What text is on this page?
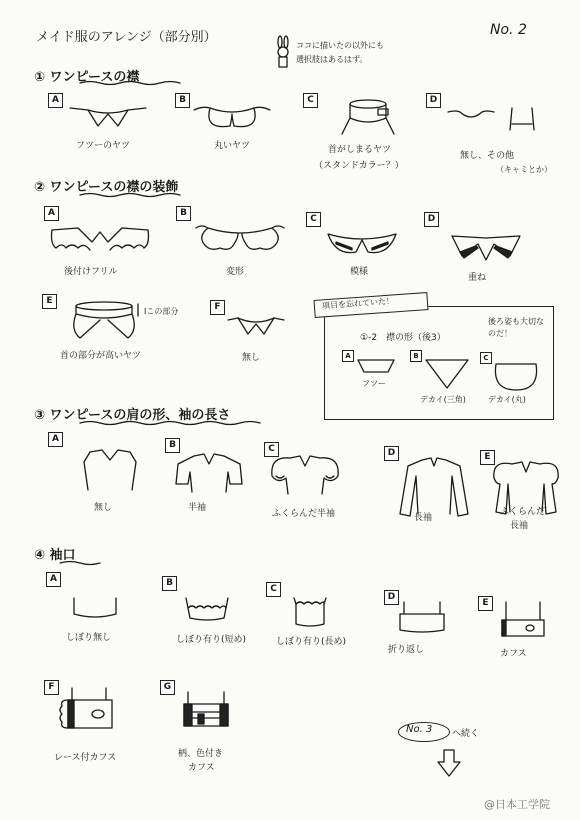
メイド服のアレンジ（部分別）	No. 2
ココに描いたの以外にも
選択肢はあるはず。
① ワンピースの襟
A
フツーのヤツ
B
丸いヤツ
C
首がしまるヤツ
（スタンドカラー？）
D
無し、その他
（キャミとか）
② ワンピースの襟の装飾
A
後付けフリル
B
変形
C
模様
D
重ね
E
Iこの部分
首の部分が高いヤツ
F
無し
項目を忘れていた！
①-2　襟の形（後3）
後ろ姿も大切なのだ！
A
フツー
B
デカイ(三角)
C
デカイ(丸)
③ ワンピースの肩の形、袖の長さ
A
無し
B
半袖
C
ふくらんだ半袖
D
長袖
E
ふくらんだ
長袖
④ 袖口
A
しぼり無し
B
しぼり有り(短め)
C
しぼり有り(長め)
D
折り返し
E
カフス
F
レース付カフス
G
柄、色付き
カフス
No. 3 へ続く
@日本工学院
